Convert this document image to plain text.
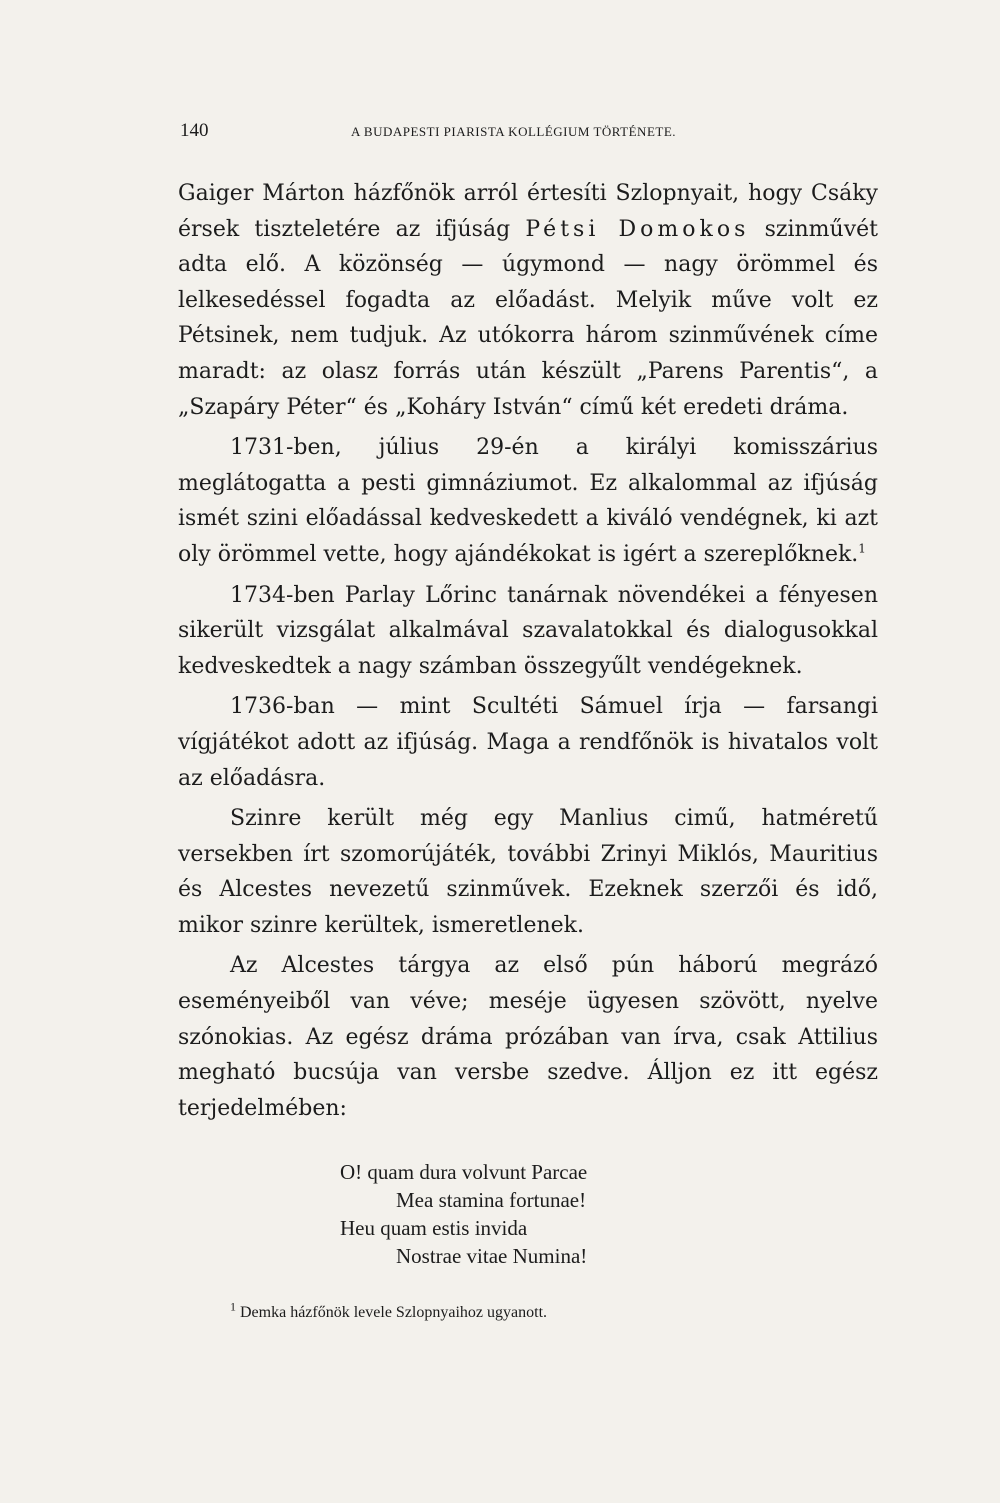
140	A BUDAPESTI PIARISTA KOLLÉGIUM TÖRTÉNETE.

Gaiger Márton házfőnök arról értesíti Szlopnyait, hogy Csáky érsek tiszteletére az ifjúság Pétsi Domokos szinművét adta elő. A közönség — úgymond — nagy örömmel és lelkesedéssel fogadta az előadást. Melyik műve volt ez Pétsinek, nem tudjuk. Az utókorra három szinművének címe maradt: az olasz forrás után készült „Parens Parentis“, a „Szapáry Péter“ és „Koháry István“ című két eredeti dráma.

1731-ben, július 29-én a királyi komisszárius meglátogatta a pesti gimnáziumot. Ez alkalommal az ifjúság ismét szini előadással kedveskedett a kiváló vendégnek, ki azt oly örömmel vette, hogy ajándékokat is igért a szereplőknek.$^1$

1734-ben Parlay Lőrinc tanárnak növendékei a fényesen sikerült vizsgálat alkalmával szavalatokkal és dialogusokkal kedveskedtek a nagy számban összegyűlt vendégeknek.

1736-ban — mint Scultéti Sámuel írja — farsangi vígjátékot adott az ifjúság. Maga a rendfőnök is hivatalos volt az előadásra.

Szinre került még egy Manlius cimű, hatméretű versekben írt szomorújáték, további Zrinyi Miklós, Mauritius és Alcestes nevezetű szinművek. Ezeknek szerzői és idő, mikor szinre kerültek, ismeretlenek.

Az Alcestes tárgya az első pún háború megrázó eseményeiből van véve; meséje ügyesen szövött, nyelve szónokias. Az egész dráma prózában van írva, csak Attilius megható bucsúja van versbe szedve. Álljon ez itt egész terjedelmében:

O! quam dura volvunt Parcae
Mea stamina fortunae!
Heu quam estis invida
Nostrae vitae Numina!
$^1$ Demka házfőnök levele Szlopnyaihoz ugyanott.
